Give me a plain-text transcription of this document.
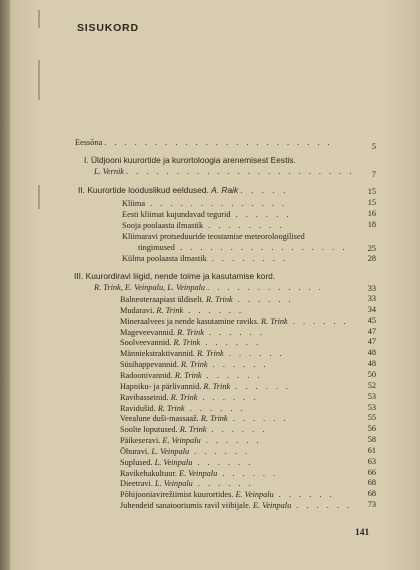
SISUKORD
Eessõna . . . . . . . . . . . . . . . . . . . . . . .	5
I. Üldjooni kuurortide ja kurortoloogia arenemisest Eestis.
L. Vernik . . . . . . . . . . . . . . . . . . . . . . .	7
II. Kuurortide looduslikud eeldused. A. Raik . . . . .	15
Kliima . . . . . . . . . . . . . .	15
Eesti kliimat kujundavad tegurid . . . . . .	16
Sooja poolaasta ilmastik . . . . . . . .	18
Kliimaravi protseduuride teostamise meteoroloogilised
tingimused . . . . . . . . . . . . . . . . .	25
Külma poolaasta ilmastik . . . . . . . .	28
III. Kuurordiravi liigid, nende toime ja kasutamise kord.
R. Trink, E. Veinpalu, L. Veinpalu . . . . . . . . . . . .	33
Balneoteraapiast üldiselt. R. Trink . . . . . .	33
Mudaravi. R. Trink . . . . . .	34
Mineraalvees ja nende kasutamine raviks. R. Trink . . . . . .	45
Mageveevannid. R. Trink . . . . . .	47
Soolveevannid. R. Trink . . . . . .	47
Männiekstraktivannid. R. Trink . . . . . .	48
Süsihappevannid. R. Trink . . . . . .	48
Radoonivannid. R. Trink . . . . . .	50
Hapniku- ja pärlivannid. R. Trink . . . . . .	52
Ravibasseinid. R. Trink . . . . . .	53
Ravidušid. R. Trink . . . . . .	53
Veealune duši-massaaž. R. Trink . . . . . .	55
Soolte loputused. R. Trink . . . . . .	56
Päikeseravi. E. Veinpalu . . . . . .	58
Õhuravi. L. Veinpalu . . . . . .	61
Suplused. L. Veinpalu . . . . . .	63
Ravikehakultuur. E. Veinpalu . . . . . .	66
Dieetravi. L. Veinpalu . . . . . .	68
Põhijooniavirežiimist kuurortides. E. Veinpalu . . . . . .	68
Juhendeid sanatooriumis ravil viibijale. E. Veinpalu . . . . . .	73
141
